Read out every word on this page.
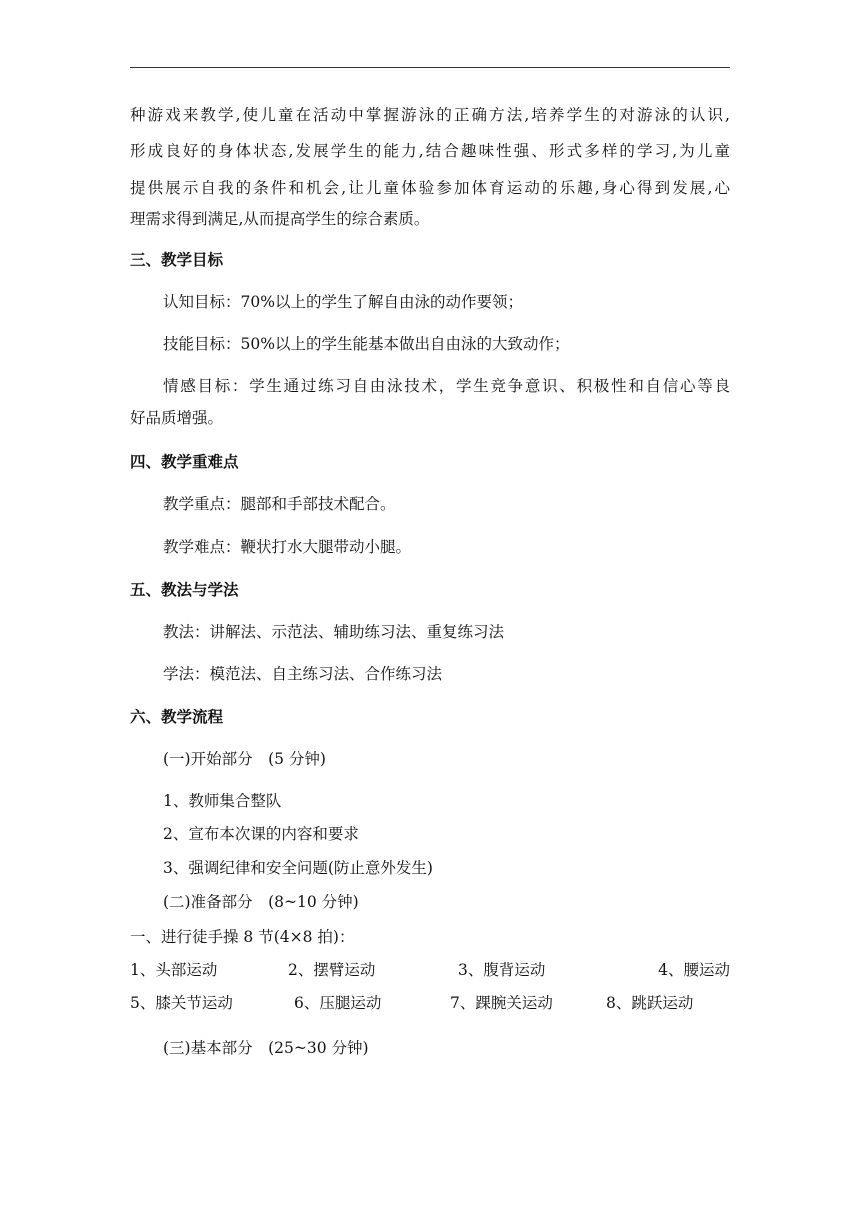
种游戏来教学,使儿童在活动中掌握游泳的正确方法,培养学生的对游泳的认识,
形成良好的身体状态,发展学生的能力,结合趣味性强、形式多样的学习,为儿童
提供展示自我的条件和机会,让儿童体验参加体育运动的乐趣,身心得到发展,心
理需求得到满足,从而提高学生的综合素质。
三、教学目标
认知目标：70%以上的学生了解自由泳的动作要领；
技能目标：50%以上的学生能基本做出自由泳的大致动作；
情感目标：学生通过练习自由泳技术，学生竞争意识、积极性和自信心等良
好品质增强。
四、教学重难点
教学重点：腿部和手部技术配合。
教学难点：鞭状打水大腿带动小腿。
五、教法与学法
教法：讲解法、示范法、辅助练习法、重复练习法
学法：模范法、自主练习法、合作练习法
六、教学流程
(一)开始部分　(5 分钟)
1、教师集合整队
2、宣布本次课的内容和要求
3、强调纪律和安全问题(防止意外发生)
(二)准备部分　(8~10 分钟)
一、进行徒手操 8 节(4×8 拍)：
1、头部运动	2、摆臂运动	3、腹背运动	4、腰运动
5、膝关节运动	6、压腿运动	7、踝腕关运动	8、跳跃运动
(三)基本部分　(25~30 分钟)
